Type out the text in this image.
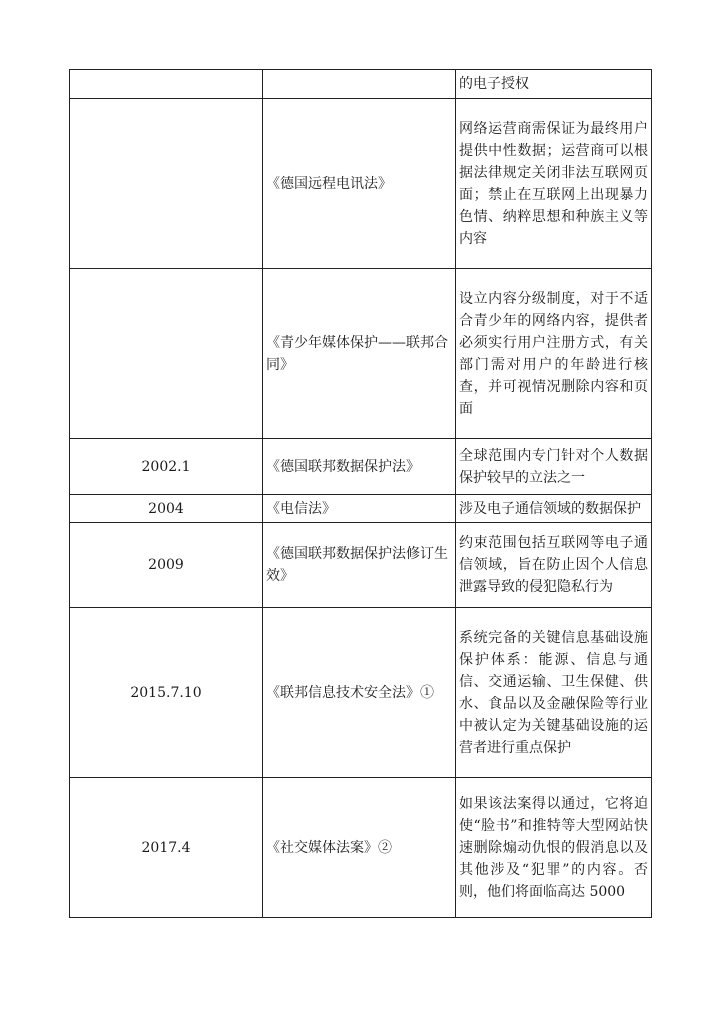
		的电子授权
	《德国远程电讯法》	网络运营商需保证为最终用户提供中性数据；运营商可以根据法律规定关闭非法互联网页面；禁止在互联网上出现暴力色情、纳粹思想和种族主义等内容
	《青少年媒体保护——联邦合同》	设立内容分级制度，对于不适合青少年的网络内容，提供者必须实行用户注册方式，有关部门需对用户的年龄进行核查，并可视情况删除内容和页面
2002.1	《德国联邦数据保护法》	全球范围内专门针对个人数据保护较早的立法之一
2004	《电信法》	涉及电子通信领域的数据保护
2009	《德国联邦数据保护法修订生效》	约束范围包括互联网等电子通信领域，旨在防止因个人信息泄露导致的侵犯隐私行为
2015.7.10	《联邦信息技术安全法》①	系统完备的关键信息基础设施保护体系：能源、信息与通信、交通运输、卫生保健、供水、食品以及金融保险等行业中被认定为关键基础设施的运营者进行重点保护
2017.4	《社交媒体法案》②	如果该法案得以通过，它将迫使“脸书”和推特等大型网站快速删除煽动仇恨的假消息以及其他涉及“犯罪”的内容。否则，他们将面临高达 5000
